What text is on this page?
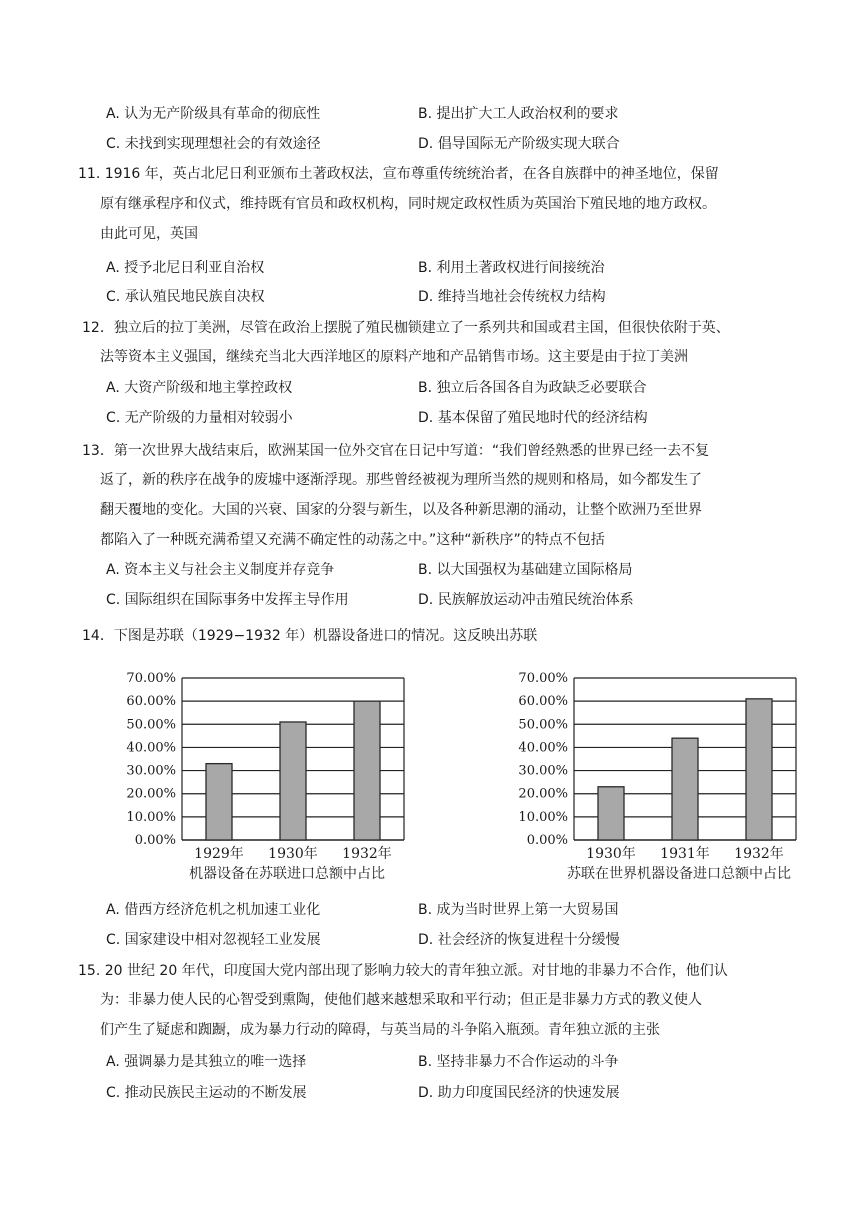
A. 认为无产阶级具有革命的彻底性	B. 提出扩大工人政治权利的要求
C. 未找到实现理想社会的有效途径	D. 倡导国际无产阶级实现大联合
11. 1916 年，英占北尼日利亚颁布土著政权法，宣布尊重传统统治者，在各自族群中的神圣地位，保留
原有继承程序和仪式，维持既有官员和政权机构，同时规定政权性质为英国治下殖民地的地方政权。
由此可见，英国
A. 授予北尼日利亚自治权	B. 利用土著政权进行间接统治
C. 承认殖民地民族自决权	D. 维持当地社会传统权力结构
12．独立后的拉丁美洲，尽管在政治上摆脱了殖民枷锁建立了一系列共和国或君主国，但很快依附于英、
法等资本主义强国，继续充当北大西洋地区的原料产地和产品销售市场。这主要是由于拉丁美洲
A. 大资产阶级和地主掌控政权	B. 独立后各国各自为政缺乏必要联合
C. 无产阶级的力量相对较弱小	D. 基本保留了殖民地时代的经济结构
13．第一次世界大战结束后，欧洲某国一位外交官在日记中写道：“我们曾经熟悉的世界已经一去不复
返了，新的秩序在战争的废墟中逐渐浮现。那些曾经被视为理所当然的规则和格局，如今都发生了
翻天覆地的变化。大国的兴衰、国家的分裂与新生，以及各种新思潮的涌动，让整个欧洲乃至世界
都陷入了一种既充满希望又充满不确定性的动荡之中。”这种“新秩序”的特点不包括
A. 资本主义与社会主义制度并存竞争	B. 以大国强权为基础建立国际格局
C. 国际组织在国际事务中发挥主导作用	D. 民族解放运动冲击殖民统治体系
14．下图是苏联（1929−1932 年）机器设备进口的情况。这反映出苏联
0.00%
10.00%
20.00%
30.00%
40.00%
50.00%
60.00%
70.00%
1929年 1930年 1932年
机器设备在苏联进口总额中占比
0.00%
10.00%
20.00%
30.00%
40.00%
50.00%
60.00%
70.00%
1930年 1931年 1932年
苏联在世界机器设备进口总额中占比
A. 借西方经济危机之机加速工业化	B. 成为当时世界上第一大贸易国
C. 国家建设中相对忽视轻工业发展	D. 社会经济的恢复进程十分缓慢
15. 20 世纪 20 年代，印度国大党内部出现了影响力较大的青年独立派。对甘地的非暴力不合作，他们认
为：非暴力使人民的心智受到熏陶，使他们越来越想采取和平行动；但正是非暴力方式的教义使人
们产生了疑虑和踟蹰，成为暴力行动的障碍，与英当局的斗争陷入瓶颈。青年独立派的主张
A. 强调暴力是其独立的唯一选择	B. 坚持非暴力不合作运动的斗争
C. 推动民族民主运动的不断发展	D. 助力印度国民经济的快速发展
